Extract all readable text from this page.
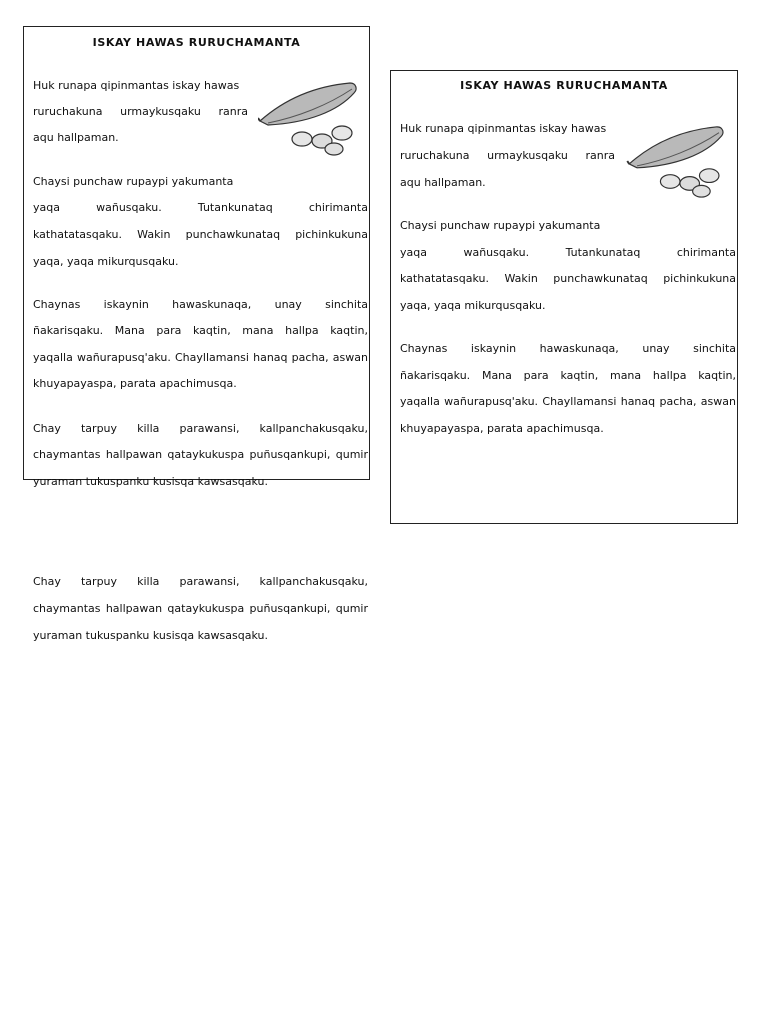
ISKAY HAWAS RURUCHAMANTA
Huk runapa qipinmantas iskay hawas
ruruchakuna urmaykusqaku ranra
aqu hallpaman.
Chaysi punchaw rupaypi yakumanta
yaqa wañusqaku. Tutankunataq chirimanta
kathatatasqaku. Wakin punchawkunataq pichinkukuna
yaqa, yaqa mikurqusqaku.
Chaynas iskaynin hawaskunaqa, unay sinchita
ñakarisqaku. Mana para kaqtin, mana hallpa kaqtin,
yaqalla wañurapusq'aku. Chayllamansi hanaq pacha, aswan
khuyapayaspa, parata apachimusqa.
Chay tarpuy killa parawansi, kallpanchakusqaku,
chaymantas hallpawan qataykukuspa puñusqankupi, qumir
yuraman tukuspanku kusisqa kawsasqaku.
Chay tarpuy killa parawansi, kallpanchakusqaku,
chaymantas hallpawan qataykukuspa puñusqankupi, qumir
yuraman tukuspanku kusisqa kawsasqaku.
ISKAY HAWAS RURUCHAMANTA
Huk runapa qipinmantas iskay hawas
ruruchakuna urmaykusqaku ranra
aqu hallpaman.
Chaysi punchaw rupaypi yakumanta
yaqa wañusqaku. Tutankunataq chirimanta
kathatatasqaku. Wakin punchawkunataq pichinkukuna
yaqa, yaqa mikurqusqaku.
Chaynas iskaynin hawaskunaqa, unay sinchita
ñakarisqaku. Mana para kaqtin, mana hallpa kaqtin,
yaqalla wañurapusq'aku. Chayllamansi hanaq pacha, aswan
khuyapayaspa, parata apachimusqa.
